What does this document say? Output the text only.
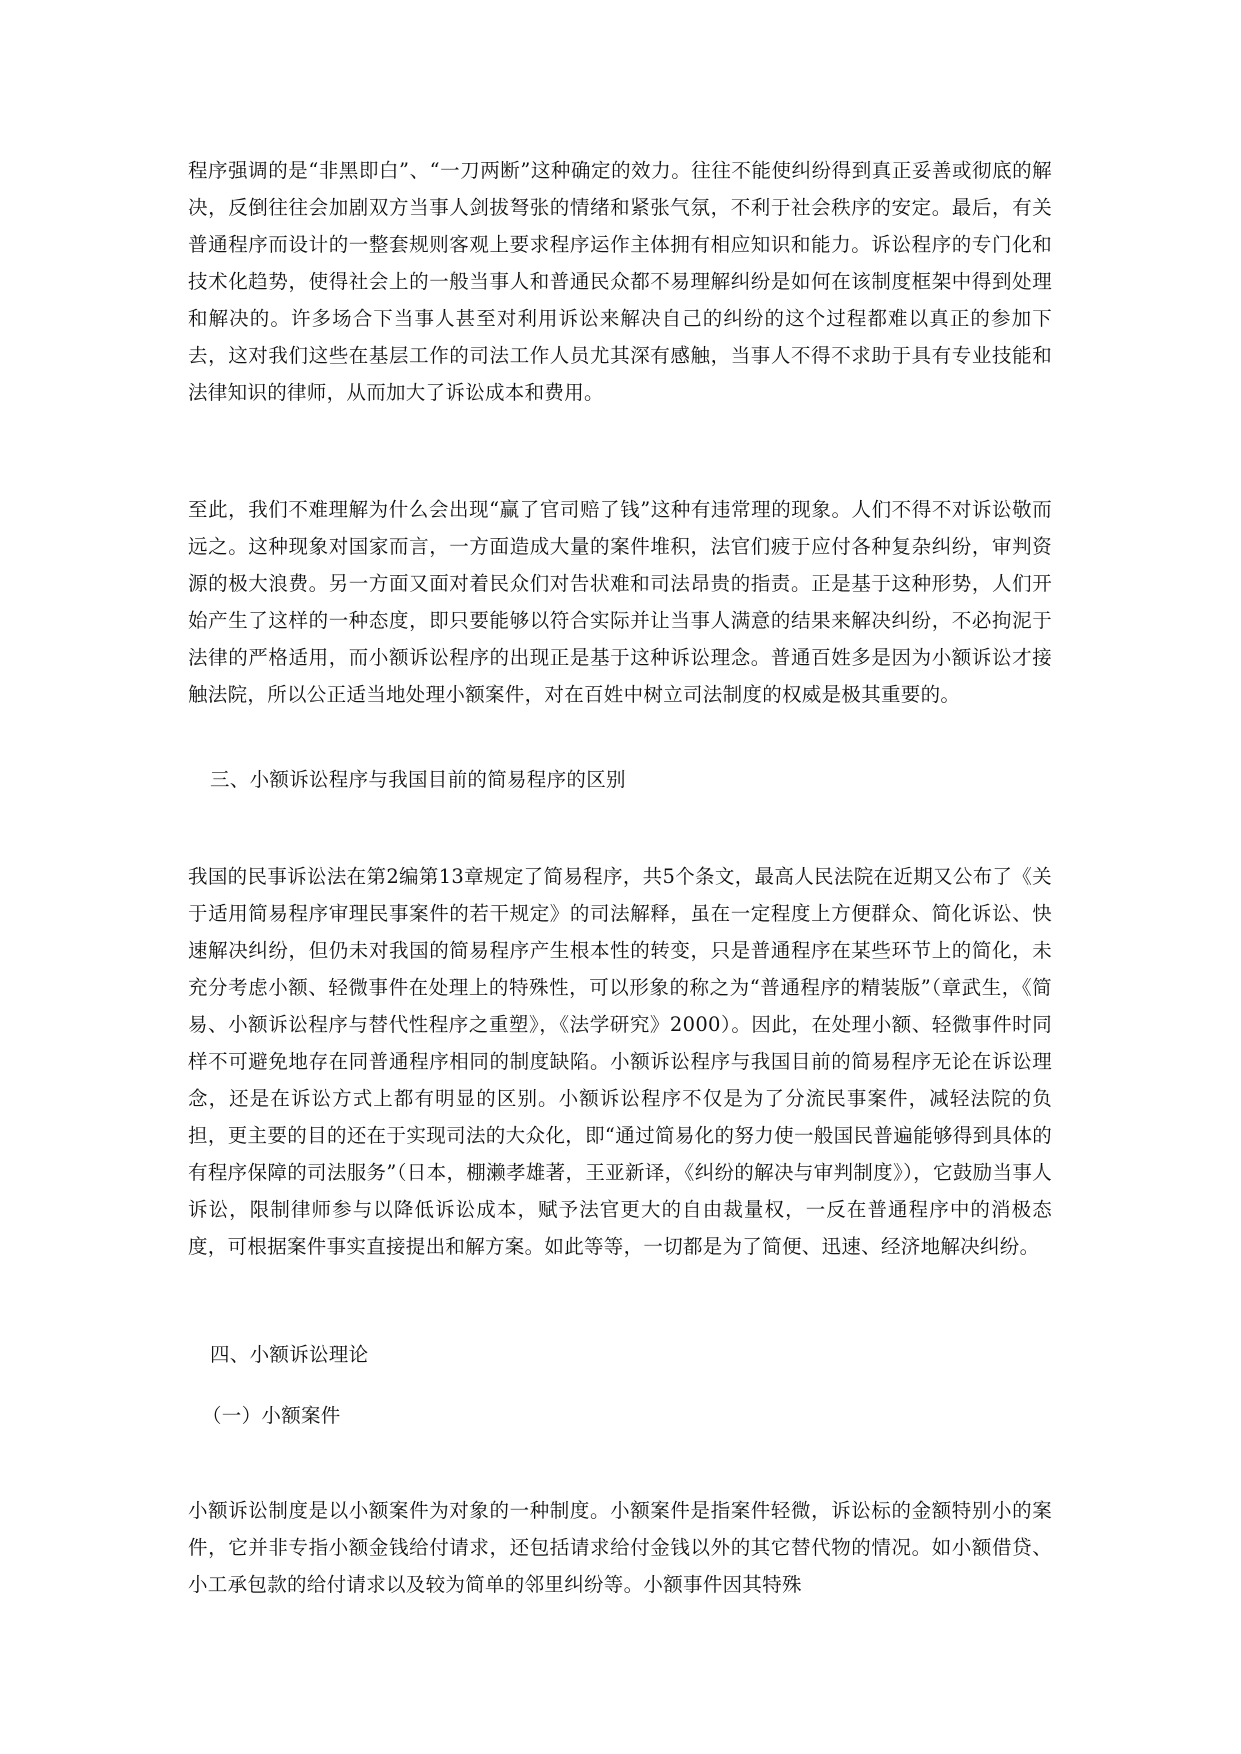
程序强调的是“非黑即白”、“一刀两断”这种确定的效力。往往不能使纠纷得到真正妥善或彻底的解决，反倒往往会加剧双方当事人剑拔弩张的情绪和紧张气氛，不利于社会秩序的安定。最后，有关普通程序而设计的一整套规则客观上要求程序运作主体拥有相应知识和能力。诉讼程序的专门化和技术化趋势，使得社会上的一般当事人和普通民众都不易理解纠纷是如何在该制度框架中得到处理和解决的。许多场合下当事人甚至对利用诉讼来解决自己的纠纷的这个过程都难以真正的参加下去，这对我们这些在基层工作的司法工作人员尤其深有感触，当事人不得不求助于具有专业技能和法律知识的律师，从而加大了诉讼成本和费用。

至此，我们不难理解为什么会出现“赢了官司赔了钱”这种有违常理的现象。人们不得不对诉讼敬而远之。这种现象对国家而言，一方面造成大量的案件堆积，法官们疲于应付各种复杂纠纷，审判资源的极大浪费。另一方面又面对着民众们对告状难和司法昂贵的指责。正是基于这种形势，人们开始产生了这样的一种态度，即只要能够以符合实际并让当事人满意的结果来解决纠纷，不必拘泥于法律的严格适用，而小额诉讼程序的出现正是基于这种诉讼理念。普通百姓多是因为小额诉讼才接触法院，所以公正适当地处理小额案件，对在百姓中树立司法制度的权威是极其重要的。

三、小额诉讼程序与我国目前的简易程序的区别

我国的民事诉讼法在第2编第13章规定了简易程序，共5个条文，最高人民法院在近期又公布了《关于适用简易程序审理民事案件的若干规定》的司法解释，虽在一定程度上方便群众、简化诉讼、快速解决纠纷，但仍未对我国的简易程序产生根本性的转变，只是普通程序在某些环节上的简化，未充分考虑小额、轻微事件在处理上的特殊性，可以形象的称之为“普通程序的精装版”（章武生，《简易、小额诉讼程序与替代性程序之重塑》，《法学研究》2000）。因此，在处理小额、轻微事件时同样不可避免地存在同普通程序相同的制度缺陷。小额诉讼程序与我国目前的简易程序无论在诉讼理念，还是在诉讼方式上都有明显的区别。小额诉讼程序不仅是为了分流民事案件，减轻法院的负担，更主要的目的还在于实现司法的大众化，即“通过简易化的努力使一般国民普遍能够得到具体的有程序保障的司法服务”（日本，棚濑孝雄著，王亚新译，《纠纷的解决与审判制度》），它鼓励当事人诉讼，限制律师参与以降低诉讼成本，赋予法官更大的自由裁量权，一反在普通程序中的消极态度，可根据案件事实直接提出和解方案。如此等等，一切都是为了简便、迅速、经济地解决纠纷。

四、小额诉讼理论
（一）小额案件

小额诉讼制度是以小额案件为对象的一种制度。小额案件是指案件轻微，诉讼标的金额特别小的案件，它并非专指小额金钱给付请求，还包括请求给付金钱以外的其它替代物的情况。如小额借贷、小工承包款的给付请求以及较为简单的邻里纠纷等。小额事件因其特殊
